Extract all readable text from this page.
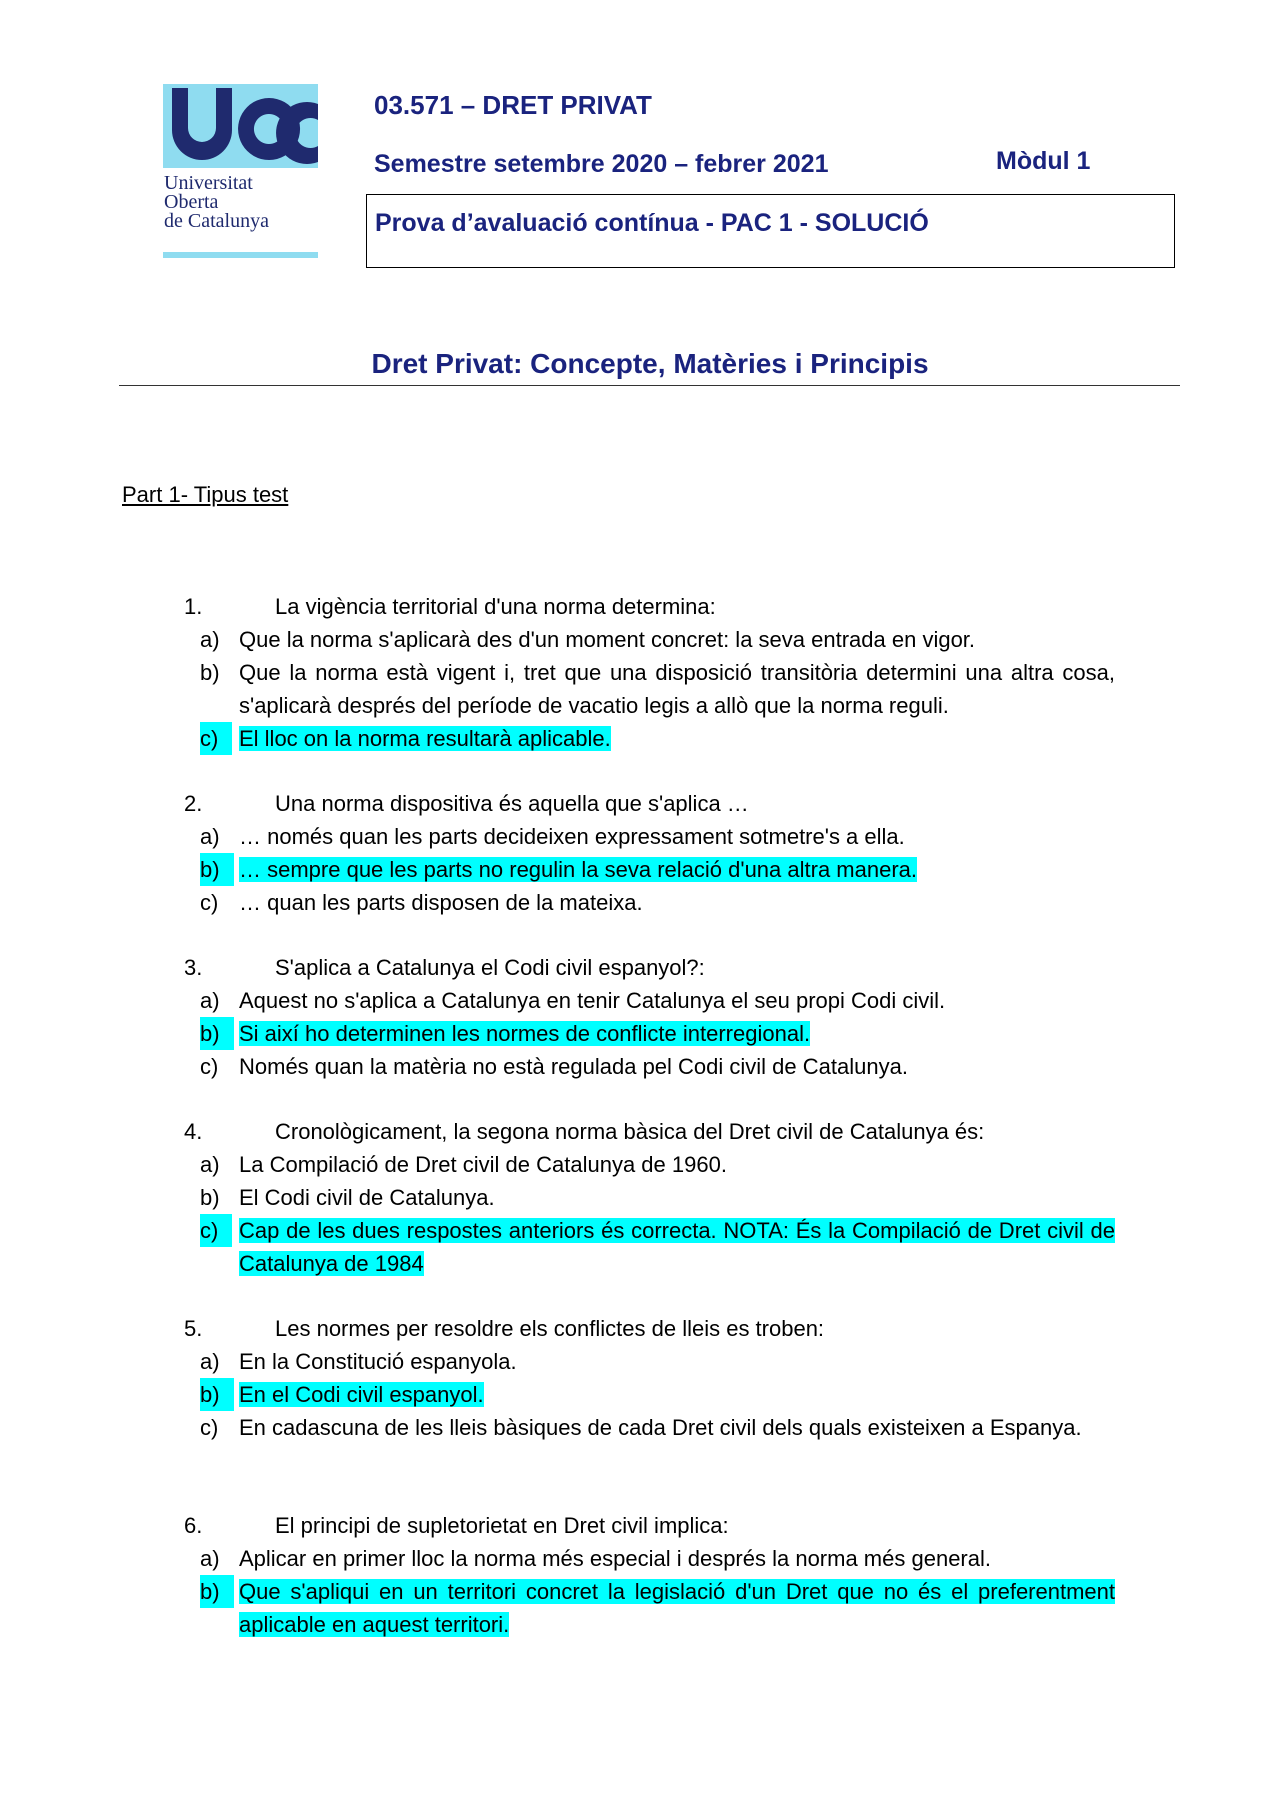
Universitat
Oberta
de Catalunya
03.571 – DRET PRIVAT
Semestre setembre 2020 – febrer 2021	Mòdul 1
Prova d’avaluació contínua - PAC 1 - SOLUCIÓ
Dret Privat: Concepte, Matèries i Principis
Part 1- Tipus test
1.	La vigència territorial d'una norma determina:
a) Que la norma s'aplicarà des d'un moment concret: la seva entrada en vigor.
b) Que la norma està vigent i, tret que una disposició transitòria determini una altra cosa, s'aplicarà després del període de vacatio legis a allò que la norma reguli.
c) El lloc on la norma resultarà aplicable.
2.	Una norma dispositiva és aquella que s'aplica …
a) … només quan les parts decideixen expressament sotmetre's a ella.
b) … sempre que les parts no regulin la seva relació d'una altra manera.
c) … quan les parts disposen de la mateixa.
3.	S'aplica a Catalunya el Codi civil espanyol?:
a) Aquest no s'aplica a Catalunya en tenir Catalunya el seu propi Codi civil.
b) Si així ho determinen les normes de conflicte interregional.
c) Només quan la matèria no està regulada pel Codi civil de Catalunya.
4.	Cronològicament, la segona norma bàsica del Dret civil de Catalunya és:
a) La Compilació de Dret civil de Catalunya de 1960.
b) El Codi civil de Catalunya.
c) Cap de les dues respostes anteriors és correcta. NOTA: És la Compilació de Dret civil de Catalunya de 1984
5.	Les normes per resoldre els conflictes de lleis es troben:
a) En la Constitució espanyola.
b) En el Codi civil espanyol.
c) En cadascuna de les lleis bàsiques de cada Dret civil dels quals existeixen a Espanya.
6.	El principi de supletorietat en Dret civil implica:
a) Aplicar en primer lloc la norma més especial i després la norma més general.
b) Que s'apliqui en un territori concret la legislació d'un Dret que no és el preferentment aplicable en aquest territori.
